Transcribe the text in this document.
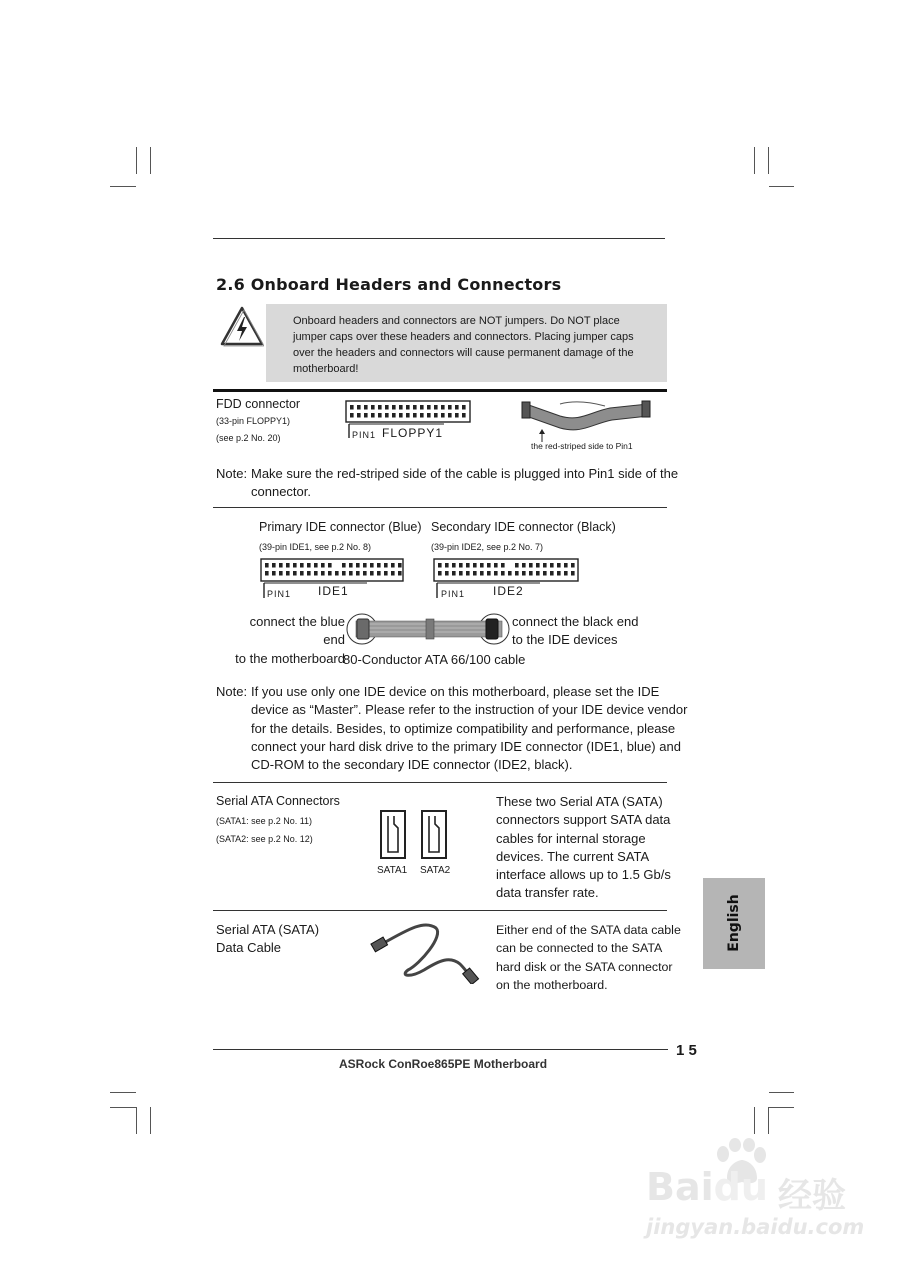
2.6 Onboard Headers and Connectors
Onboard headers and connectors are NOT jumpers. Do NOT place
jumper caps over these headers and connectors. Placing jumper caps
over the headers and connectors will cause permanent damage of the
motherboard!
FDD connector
(33-pin FLOPPY1)
(see p.2 No. 20)	PIN1 FLOPPY1
the red-striped side to Pin1
Note: Make sure the red-striped side of the cable is plugged into Pin1 side of the
connector.
Primary IDE connector (Blue)
(39-pin IDE1, see p.2 No. 8)
Secondary IDE connector (Black)
(39-pin IDE2, see p.2 No. 7)
PIN1 IDE1	PIN1 IDE2
connect the blue end
to the motherboard
connect the black end
to the IDE devices
80-Conductor ATA 66/100 cable
Note: If you use only one IDE device on this motherboard, please set the IDE
device as “Master”. Please refer to the instruction of your IDE device vendor
for the details. Besides, to optimize compatibility and performance, please
connect your hard disk drive to the primary IDE connector (IDE1, blue) and
CD-ROM to the secondary IDE connector (IDE2, black).
Serial ATA Connectors
(SATA1: see p.2 No. 11)
(SATA2: see p.2 No. 12)
SATA1 SATA2
These two Serial ATA (SATA)
connectors support SATA data
cables for internal storage
devices. The current SATA
interface allows up to 1.5 Gb/s
data transfer rate.
Serial ATA (SATA)
Data Cable
Either end of the SATA data cable
can be connected to the SATA
hard disk or the SATA connector
on the motherboard.
English
1 5
ASRock ConRoe865PE Motherboard
Baidu 经验
jingyan.baidu.com
